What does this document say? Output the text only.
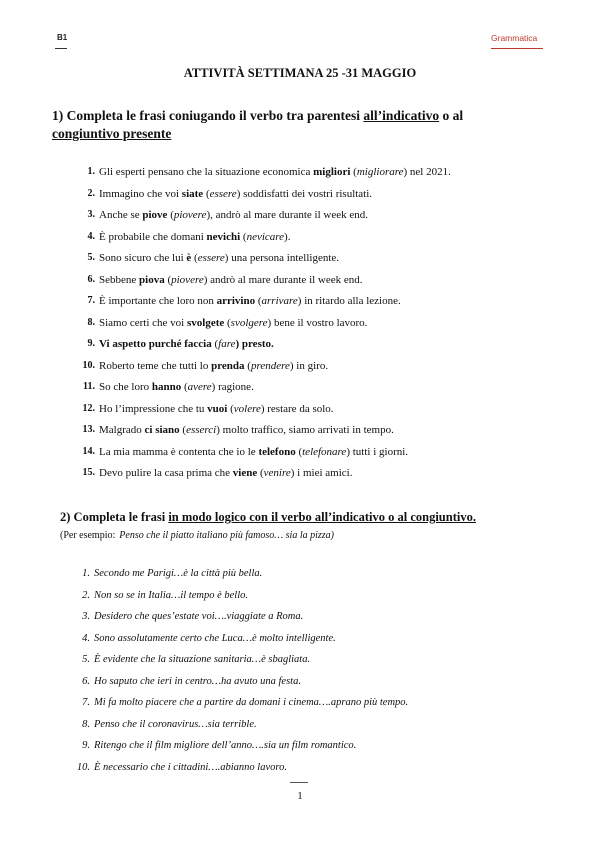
B1	Grammatica
ATTIVITÀ SETTIMANA 25 -31 MAGGIO
1) Completa le frasi coniugando il verbo tra parentesi all’indicativo o al
congiuntivo presente
1. Gli esperti pensano che la situazione economica migliori (migliorare) nel 2021.
2. Immagino che voi siate (essere) soddisfatti dei vostri risultati.
3. Anche se piove (piovere), andrò al mare durante il week end.
4. È probabile che domani nevichi (nevicare).
5. Sono sicuro che lui è (essere) una persona intelligente.
6. Sebbene piova (piovere) andrò al mare durante il week end.
7. È importante che loro non arrivino (arrivare) in ritardo alla lezione.
8. Siamo certi che voi svolgete (svolgere) bene il vostro lavoro.
9. Vi aspetto purché faccia (fare) presto.
10. Roberto teme che tutti lo prenda (prendere) in giro.
11. So che loro hanno (avere) ragione.
12. Ho l’impressione che tu vuoi (volere) restare da solo.
13. Malgrado ci siano (esserci) molto traffico, siamo arrivati in tempo.
14. La mia mamma è contenta che io le telefono (telefonare) tutti i giorni.
15. Devo pulire la casa prima che viene (venire) i miei amici.
2) Completa le frasi in modo logico con il verbo all’indicativo o al congiuntivo.
(Per esempio: Penso che il piatto italiano più famoso… sia la pizza)
1. Secondo me Parigi…è la città più bella.
2. Non so se in Italia…il tempo è bello.
3. Desidero che ques’estate voi….viaggiate a Roma.
4. Sono assolutamente certo che Luca…è molto intelligente.
5. È evidente che la situazione sanitaria…è sbagliata.
6. Ho saputo che ieri in centro…ha avuto una festa.
7. Mi fa molto piacere che a partire da domani i cinema….aprano più tempo.
8. Penso che il coronavirus…sia terrible.
9. Ritengo che il film migliore dell’anno….sia un film romantico.
10. È necessario che i cittadini….abianno lavoro.
1
